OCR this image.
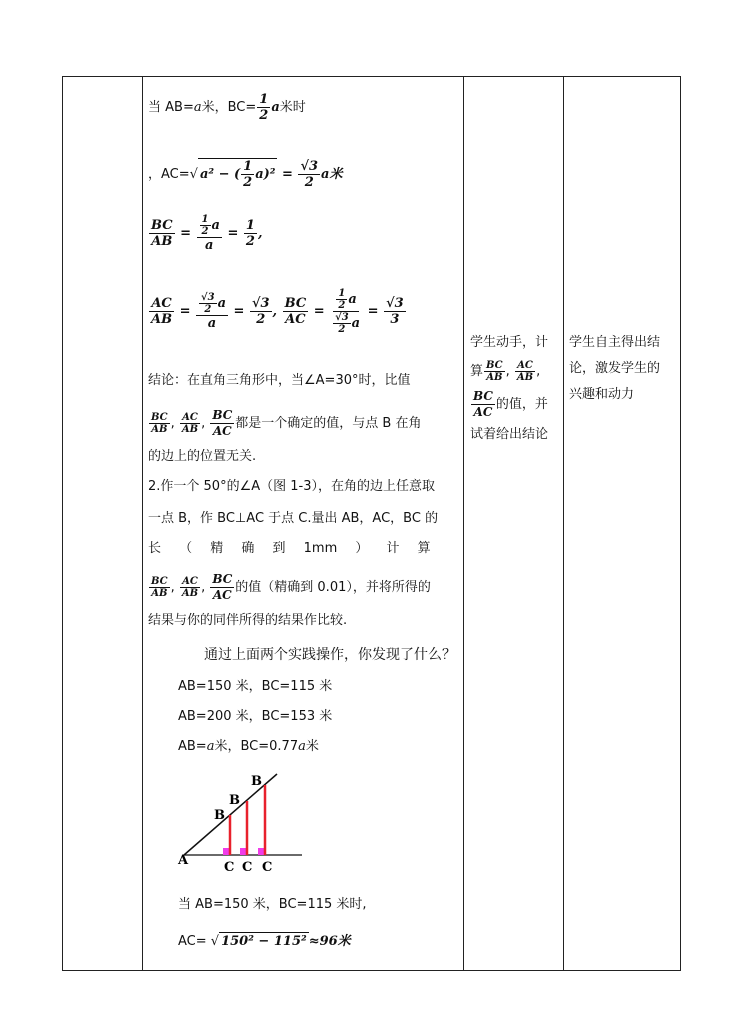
当 AB=a米，$BC= \frac{1}{2}$ a米时
，AC=√ a² − ( $\frac{1}{2} a)^2 = \frac{√3}{2}$ a米
$\frac{BC}{AB} = \frac{\frac{1}{2} a}{a} = \frac{1}{2}$ ,
$\frac{AC}{AB} = \frac{\frac{√3}{2} a}{a} = \frac{√3}{2}$ , $\frac{BC}{AC} = \frac{\frac{1}{2} a}{\frac{√3}{2} a} = \frac{√3}{3}$
结论：在直角三角形中，当∠A=30°时，比值
$\frac{BC}{AB}$ , $\frac{AC}{AB}$ , $\frac{BC}{AC}$ 都是一个确定的值，与点 B 在角
的边上的位置无关.
2.作一个 50°的∠A（图 1-3），在角的边上任意取
一点 B，作 BC⊥AC 于点 C.量出 AB，AC，BC 的
长 （ 精 确 到 1mm ） 计 算
$\frac{BC}{AB}$ , $\frac{AC}{AB}$ , $\frac{BC}{AC}$ 的值（精确到 0.01），并将所得的
结果与你的同伴所得的结果作比较.
通过上面两个实践操作，你发现了什么？
AB=150 米，BC=115 米
AB=200 米，BC=153 米
AB=a米，BC=0.77a米
当 AB=150 米，BC=115 米时,
AC= √ 150² − 115² ≈96米
A
B
B
B
C C C
学生动手，计
算 $\frac{BC}{AB}$ , $\frac{AC}{AB}$ ,
$\frac{BC}{AC}$ 的值，并
试着给出结论
学生自主得出结
论，激发学生的
兴趣和动力
